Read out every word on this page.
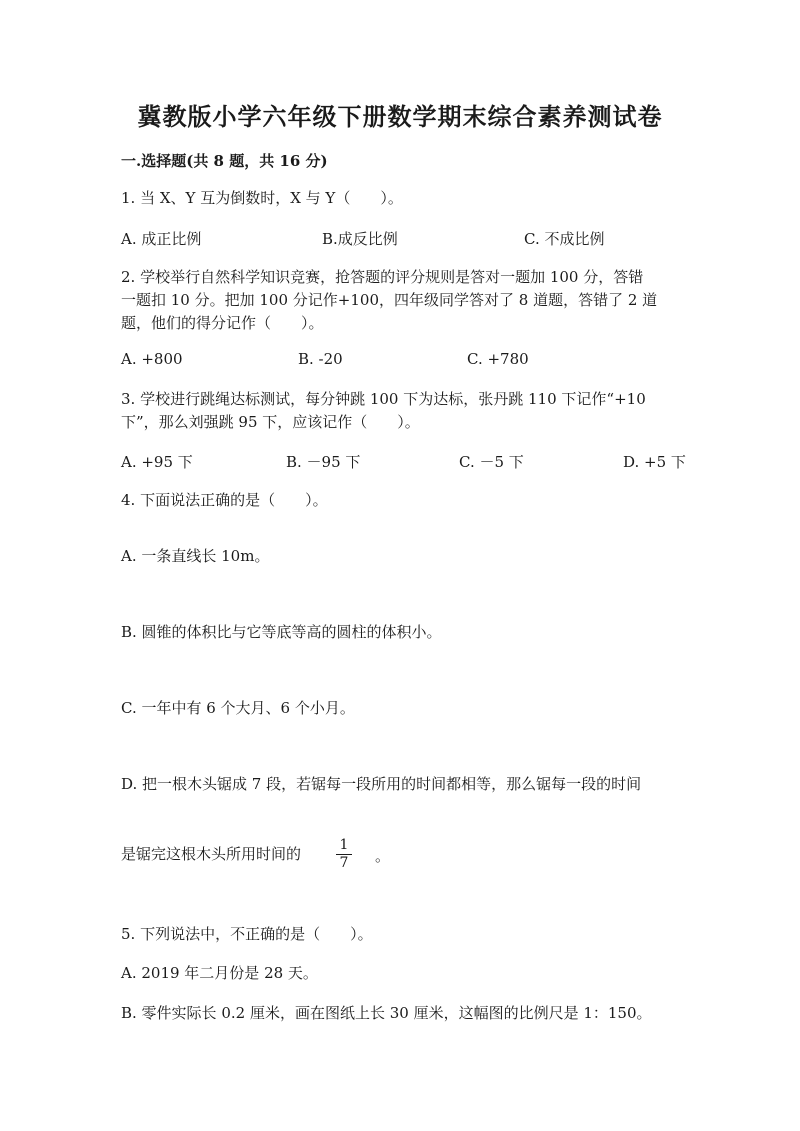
冀教版小学六年级下册数学期末综合素养测试卷
一.选择题(共 8 题，共 16 分)
1. 当 X、Y 互为倒数时，X 与 Y（　　）。
A. 成正比例	B.成反比例	C. 不成比例
2. 学校举行自然科学知识竞赛，抢答题的评分规则是答对一题加 100 分，答错
一题扣 10 分。把加 100 分记作+100，四年级同学答对了 8 道题，答错了 2 道
题，他们的得分记作（　　）。
A. +800	B. -20	C. +780
3. 学校进行跳绳达标测试，每分钟跳 100 下为达标，张丹跳 110 下记作“+10
下”，那么刘强跳 95 下，应该记作（　　）。
A. +95 下	B. －95 下	C. －5 下	D. +5 下
4. 下面说法正确的是（　　）。
A. 一条直线长 10m。
B. 圆锥的体积比与它等底等高的圆柱的体积小。
C. 一年中有 6 个大月、6 个小月。
D. 把一根木头锯成 7 段，若锯每一段所用的时间都相等，那么锯每一段的时间
是锯完这根木头所用时间的 $\frac{1}{7}$ 。
5. 下列说法中，不正确的是（　　）。
A. 2019 年二月份是 28 天。
B. 零件实际长 0.2 厘米，画在图纸上长 30 厘米，这幅图的比例尺是 1：150。
